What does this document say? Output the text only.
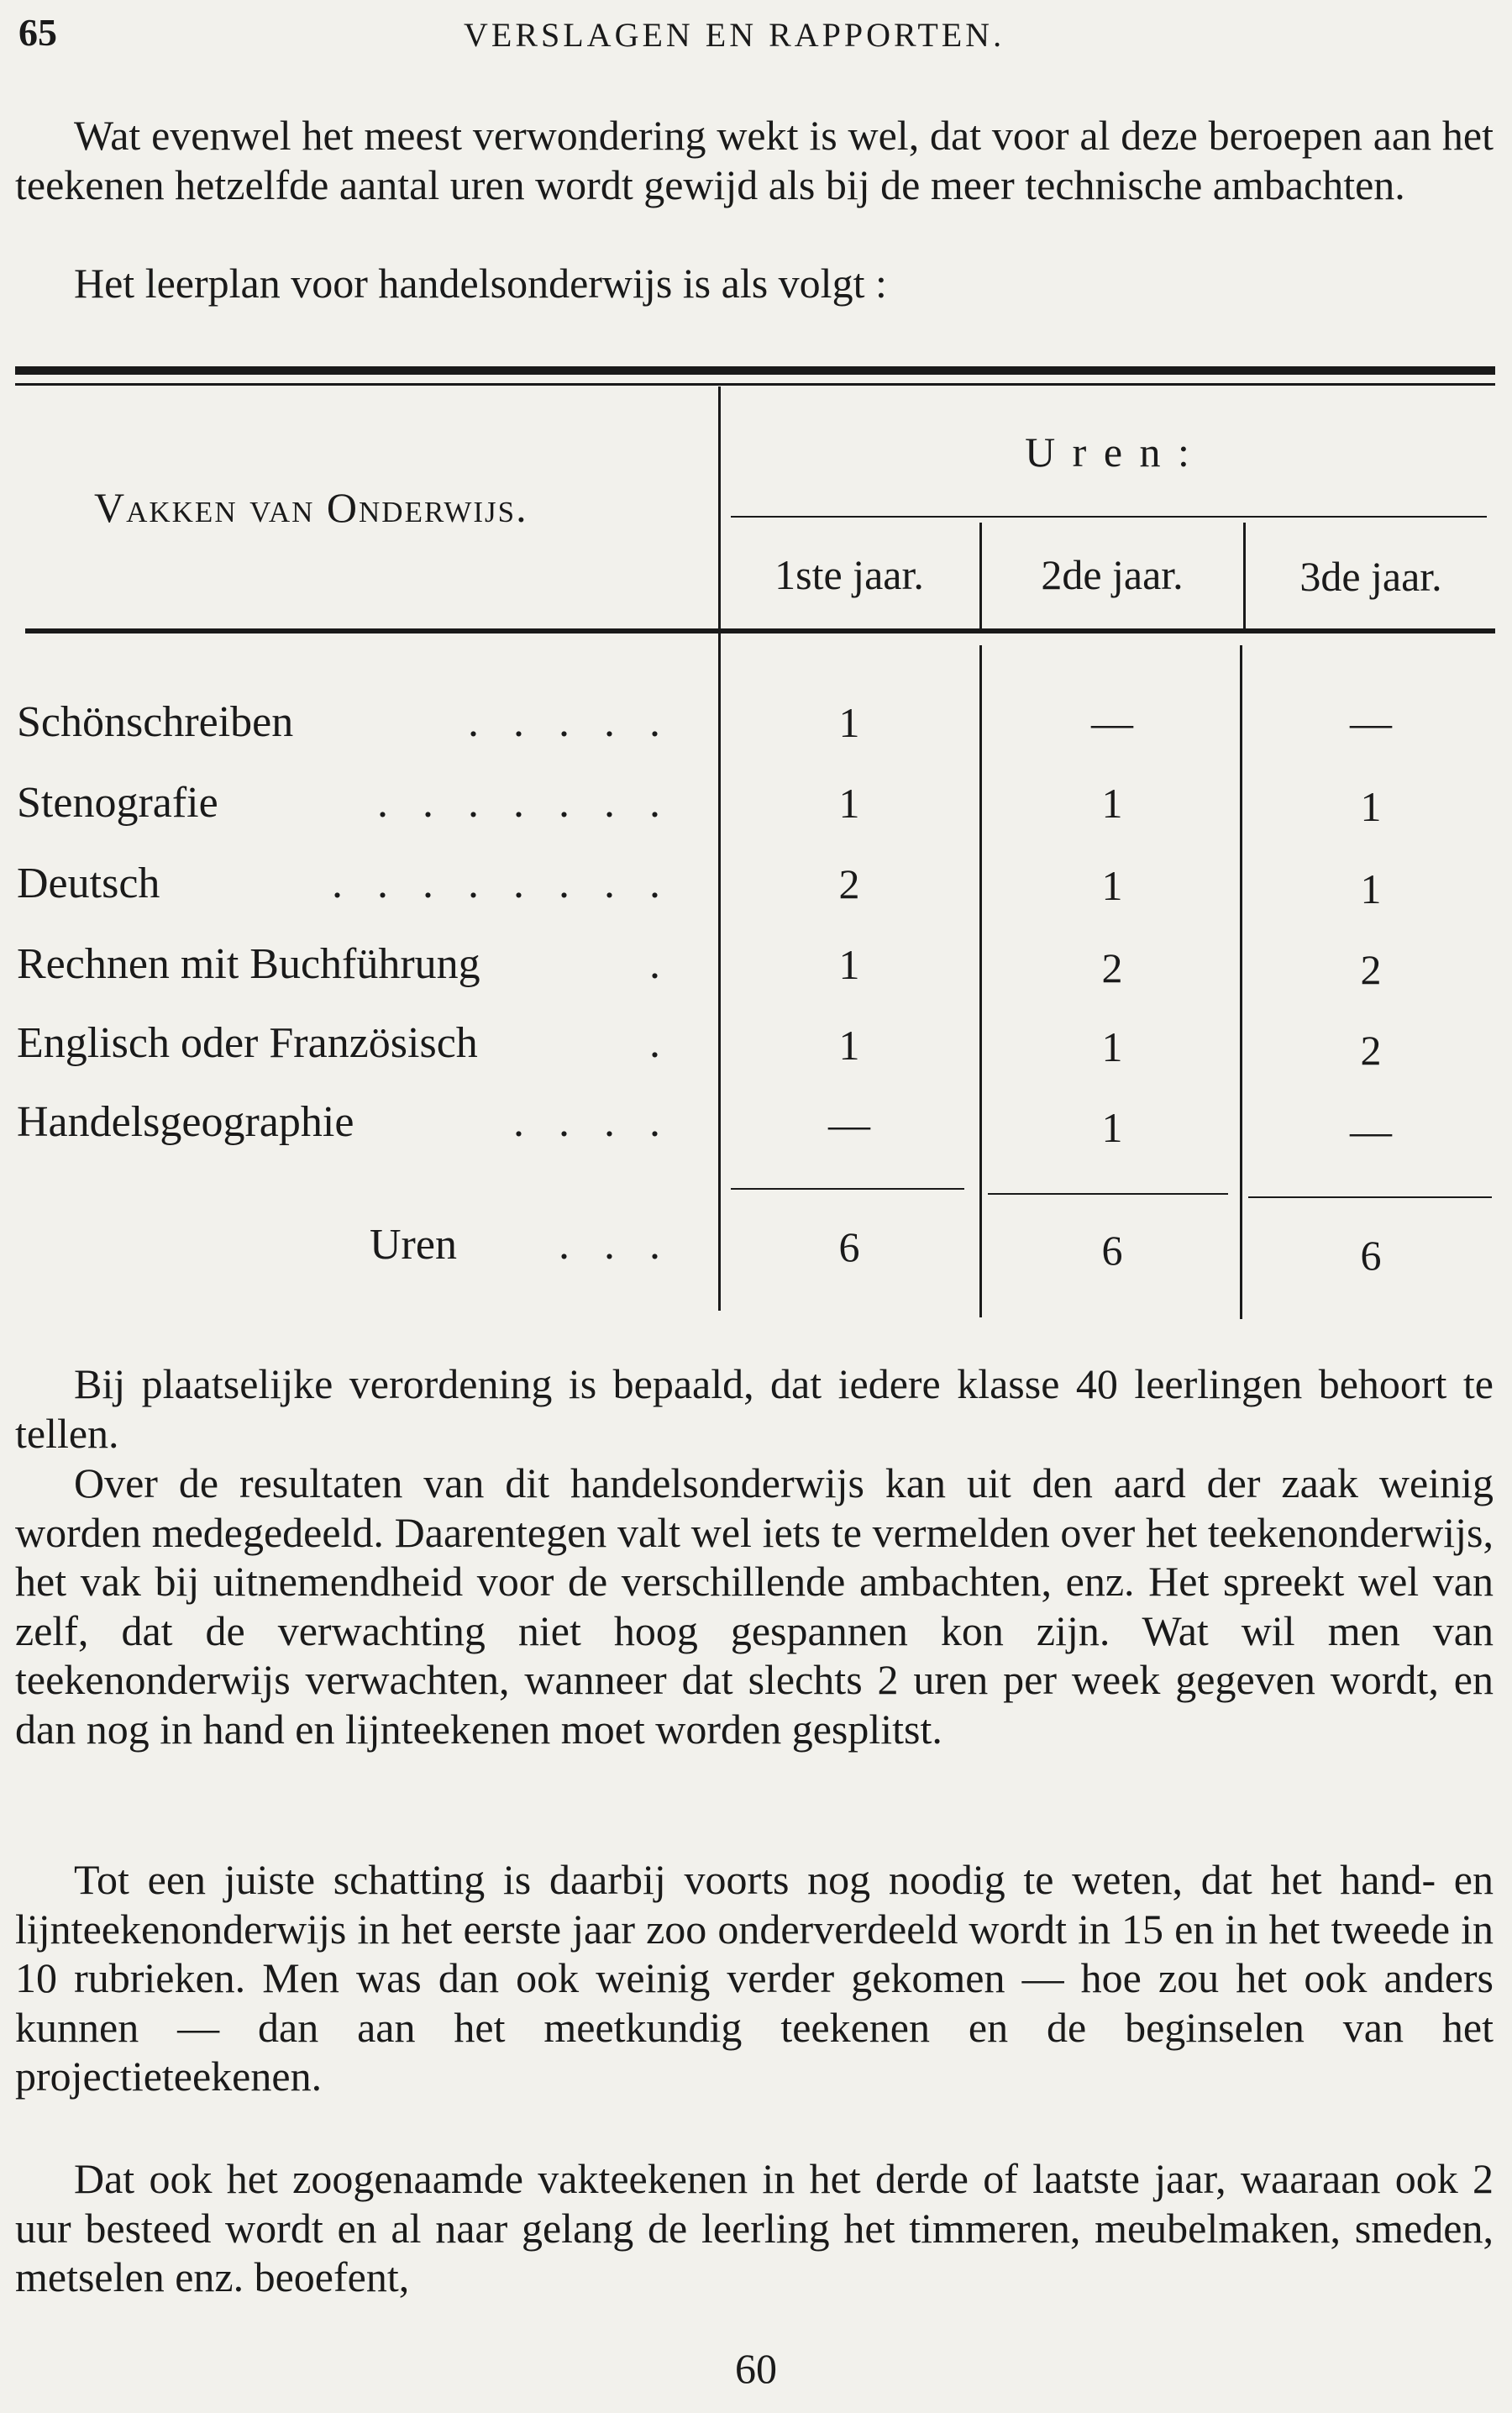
65	VERSLAGEN EN RAPPORTEN.

Wat evenwel het meest verwondering wekt is wel, dat voor al deze beroepen aan het teekenen hetzelfde aantal uren wordt gewijd als bij de meer technische ambachten.

Het leerplan voor handelsonderwijs is als volgt :

Vakken van Onderwijs.
U r e n :
1ste jaar.	2de jaar.	3de jaar.
Schönschreiben	. . . . .	1	—	—
Stenografie	. . . . . . .	1	1	1
Deutsch	. . . . . . . .	2	1	1
Rechnen mit Buchführung	.	1	2	2
Englisch oder Französisch	.	1	1	2
Handelsgeographie	. . . .	—	1	—
Uren	. . .	6	6	6

Bij plaatselijke verordening is bepaald, dat iedere klasse 40 leerlingen behoort te tellen.

Over de resultaten van dit handelsonderwijs kan uit den aard der zaak weinig worden medegedeeld. Daarentegen valt wel iets te vermelden over het teekenonderwijs, het vak bij uitnemendheid voor de verschillende ambachten, enz. Het spreekt wel van zelf, dat de verwachting niet hoog gespannen kon zijn. Wat wil men van teekenonderwijs verwachten, wanneer dat slechts 2 uren per week gegeven wordt, en dan nog in hand en lijnteekenen moet worden gesplitst.

Tot een juiste schatting is daarbij voorts nog noodig te weten, dat het hand- en lijnteekenonderwijs in het eerste jaar zoo onderverdeeld wordt in 15 en in het tweede in 10 rubrieken. Men was dan ook weinig verder gekomen — hoe zou het ook anders kunnen — dan aan het meetkundig teekenen en de beginselen van het projectieteekenen.

Dat ook het zoogenaamde vakteekenen in het derde of laatste jaar, waaraan ook 2 uur besteed wordt en al naar gelang de leerling het timmeren, meubelmaken, smeden, metselen enz. beoefent,

60
